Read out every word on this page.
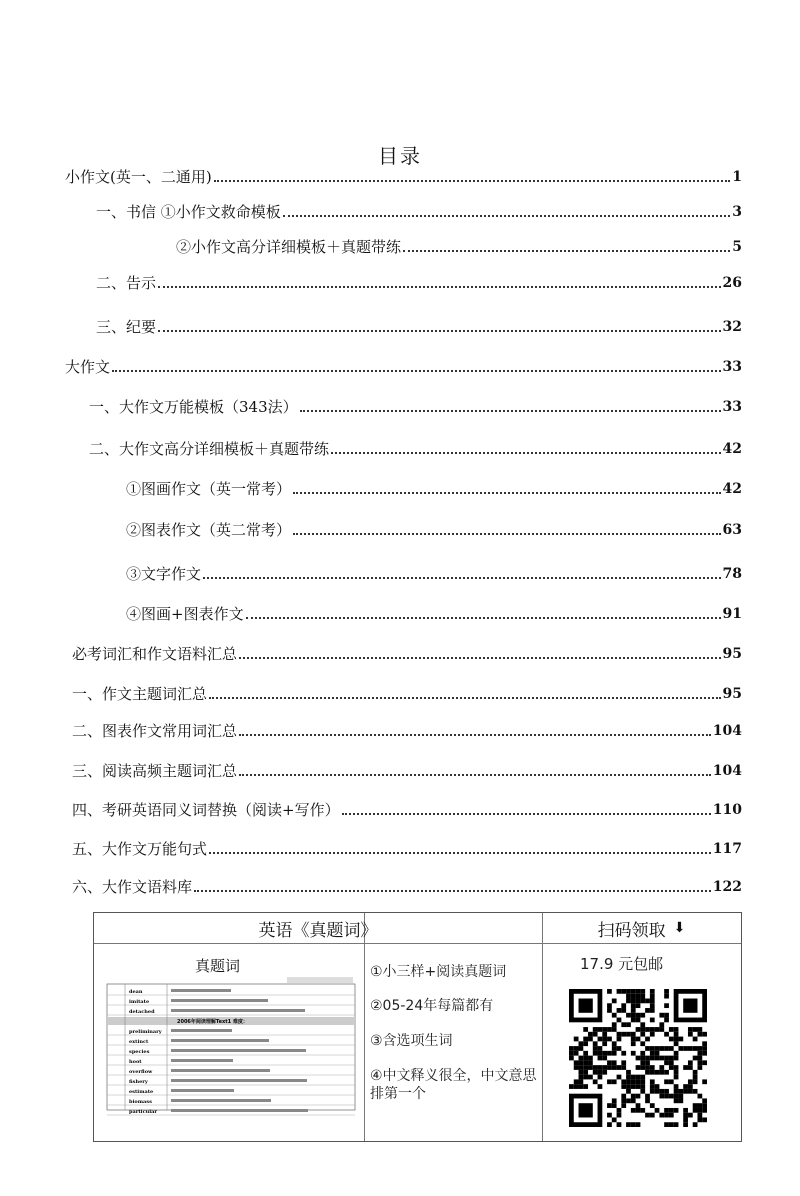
目录
小作文(英一、二通用)	1
一、书信 ①小作文救命模板	3
②小作文高分详细模板＋真题带练	5
二、告示	26
三、纪要	32
大作文	33
一、大作文万能模板（343法）	33
二、大作文高分详细模板＋真题带练	42
①图画作文（英一常考）	42
②图表作文（英二常考）	63
③文字作文	78
④图画+图表作文	91
必考词汇和作文语料汇总	95
一、作文主题词汇总	95
二、图表作文常用词汇总	104
三、阅读高频主题词汇总	104
四、考研英语同义词替换（阅读+写作）	110
五、大作文万能句式	117
六、大作文语料库	122
英语《真题词》	扫码领取 ⬇
真题词
2006年阅读理解Text1 难度：
dean
imitate
detached
preliminary
extinct
species
hoot
overflow
fishery
estimate
biomass
particular
①小三样+阅读真题词
②05-24年每篇都有
③含选项生词
④中文释义很全，中文意思排第一个
17.9 元包邮
